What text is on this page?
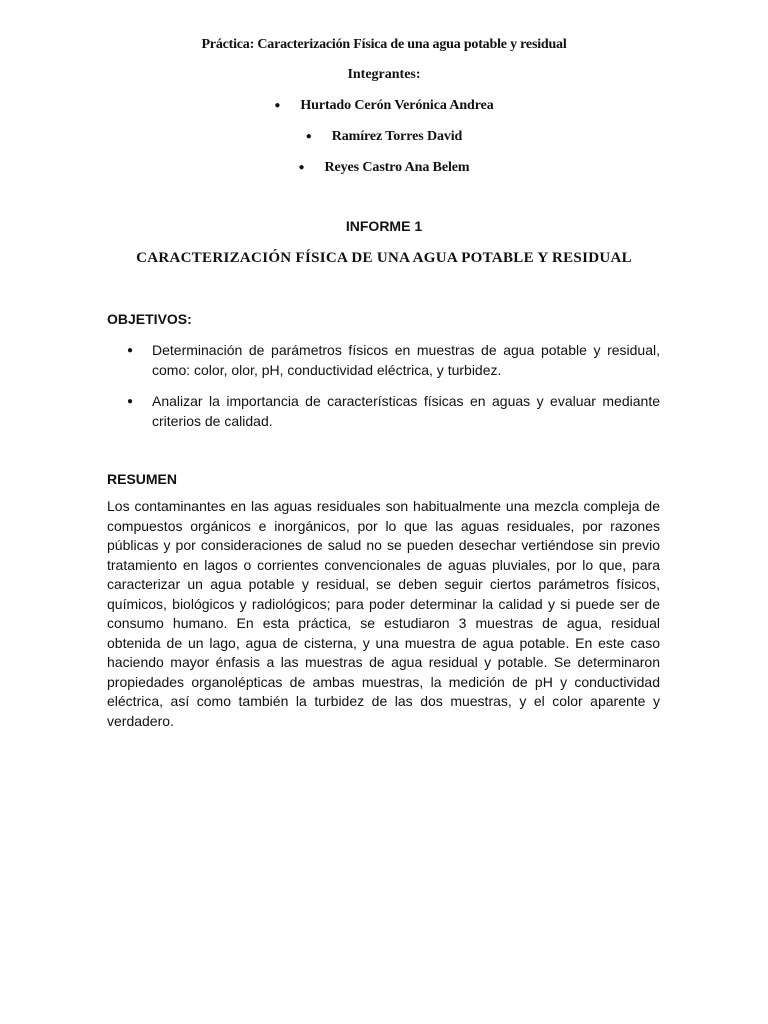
Práctica: Caracterización Física de una agua potable y residual
Integrantes:
● Hurtado Cerón Verónica Andrea
● Ramírez Torres David
● Reyes Castro Ana Belem
INFORME 1
CARACTERIZACIÓN FÍSICA DE UNA AGUA POTABLE Y RESIDUAL
OBJETIVOS:
● Determinación de parámetros físicos en muestras de agua potable y residual, como: color, olor, pH, conductividad eléctrica, y turbidez.
● Analizar la importancia de características físicas en aguas y evaluar mediante criterios de calidad.
RESUMEN

Los contaminantes en las aguas residuales son habitualmente una mezcla compleja de compuestos orgánicos e inorgánicos, por lo que las aguas residuales, por razones públicas y por consideraciones de salud no se pueden desechar vertiéndose sin previo tratamiento en lagos o corrientes convencionales de aguas pluviales, por lo que, para caracterizar un agua potable y residual, se deben seguir ciertos parámetros físicos, químicos, biológicos y radiológicos; para poder determinar la calidad y si puede ser de consumo humano. En esta práctica, se estudiaron 3 muestras de agua, residual obtenida de un lago, agua de cisterna, y una muestra de agua potable. En este caso haciendo mayor énfasis a las muestras de agua residual y potable. Se determinaron propiedades organolépticas de ambas muestras, la medición de pH y conductividad eléctrica, así como también la turbidez de las dos muestras, y el color aparente y verdadero.
